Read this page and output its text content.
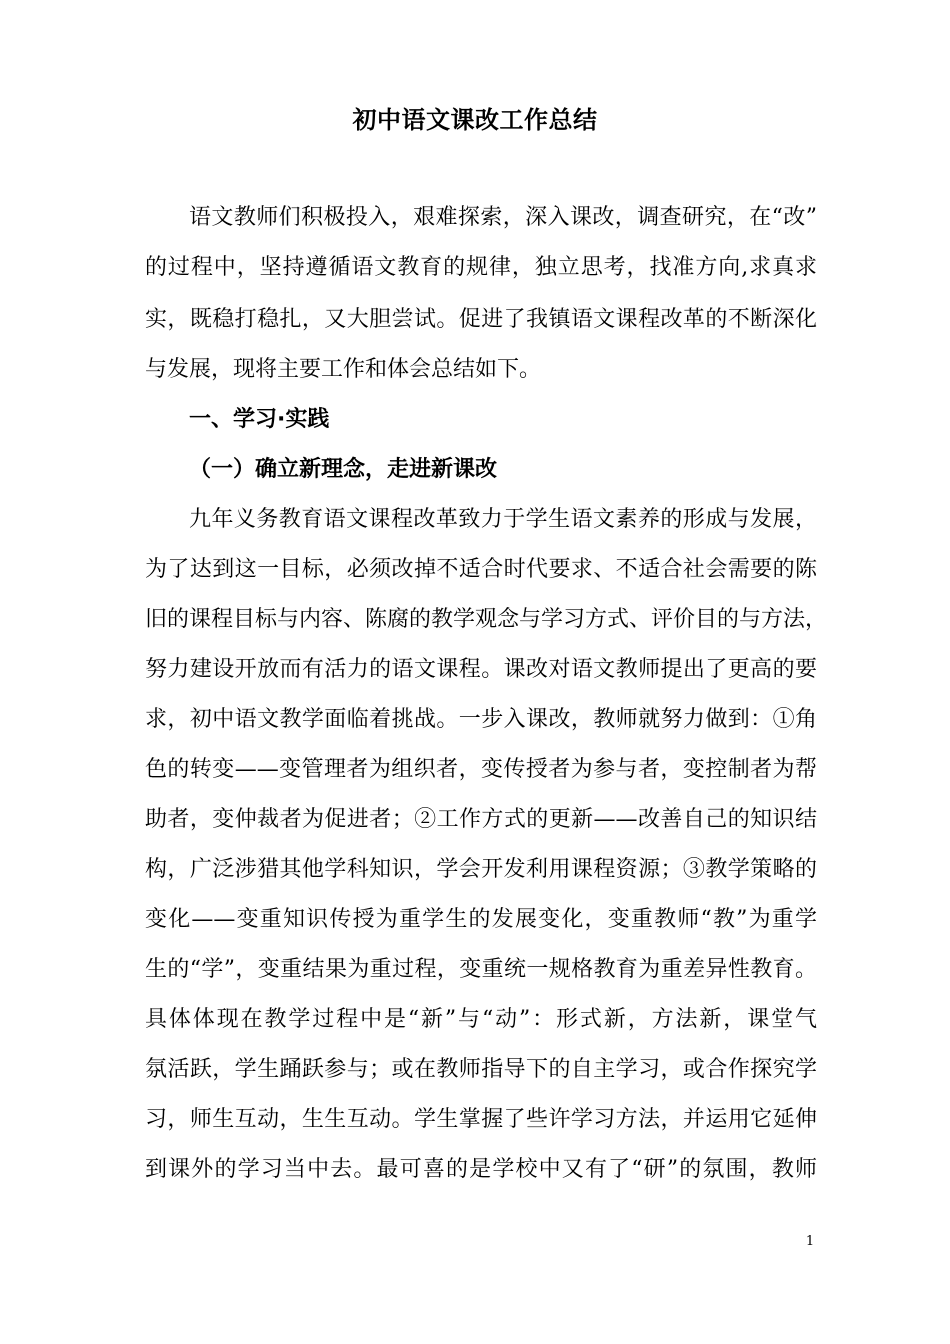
初中语文课改工作总结
语文教师们积极投入，艰难探索，深入课改，调查研究，在“改”
的过程中，坚持遵循语文教育的规律，独立思考，找准方向,求真求
实，既稳打稳扎，又大胆尝试。促进了我镇语文课程改革的不断深化
与发展，现将主要工作和体会总结如下。
一、学习·实践
（一）确立新理念，走进新课改
九年义务教育语文课程改革致力于学生语文素养的形成与发展，
为了达到这一目标，必须改掉不适合时代要求、不适合社会需要的陈
旧的课程目标与内容、陈腐的教学观念与学习方式、评价目的与方法，
努力建设开放而有活力的语文课程。课改对语文教师提出了更高的要
求，初中语文教学面临着挑战。一步入课改，教师就努力做到：①角
色的转变——变管理者为组织者，变传授者为参与者，变控制者为帮
助者，变仲裁者为促进者；②工作方式的更新——改善自己的知识结
构，广泛涉猎其他学科知识，学会开发利用课程资源；③教学策略的
变化——变重知识传授为重学生的发展变化，变重教师“教”为重学
生的“学”，变重结果为重过程，变重统一规格教育为重差异性教育。
具体体现在教学过程中是“新”与“动”：形式新，方法新，课堂气
氛活跃，学生踊跃参与；或在教师指导下的自主学习，或合作探究学
习，师生互动，生生互动。学生掌握了些许学习方法，并运用它延伸
到课外的学习当中去。最可喜的是学校中又有了“研”的氛围，教师
1
